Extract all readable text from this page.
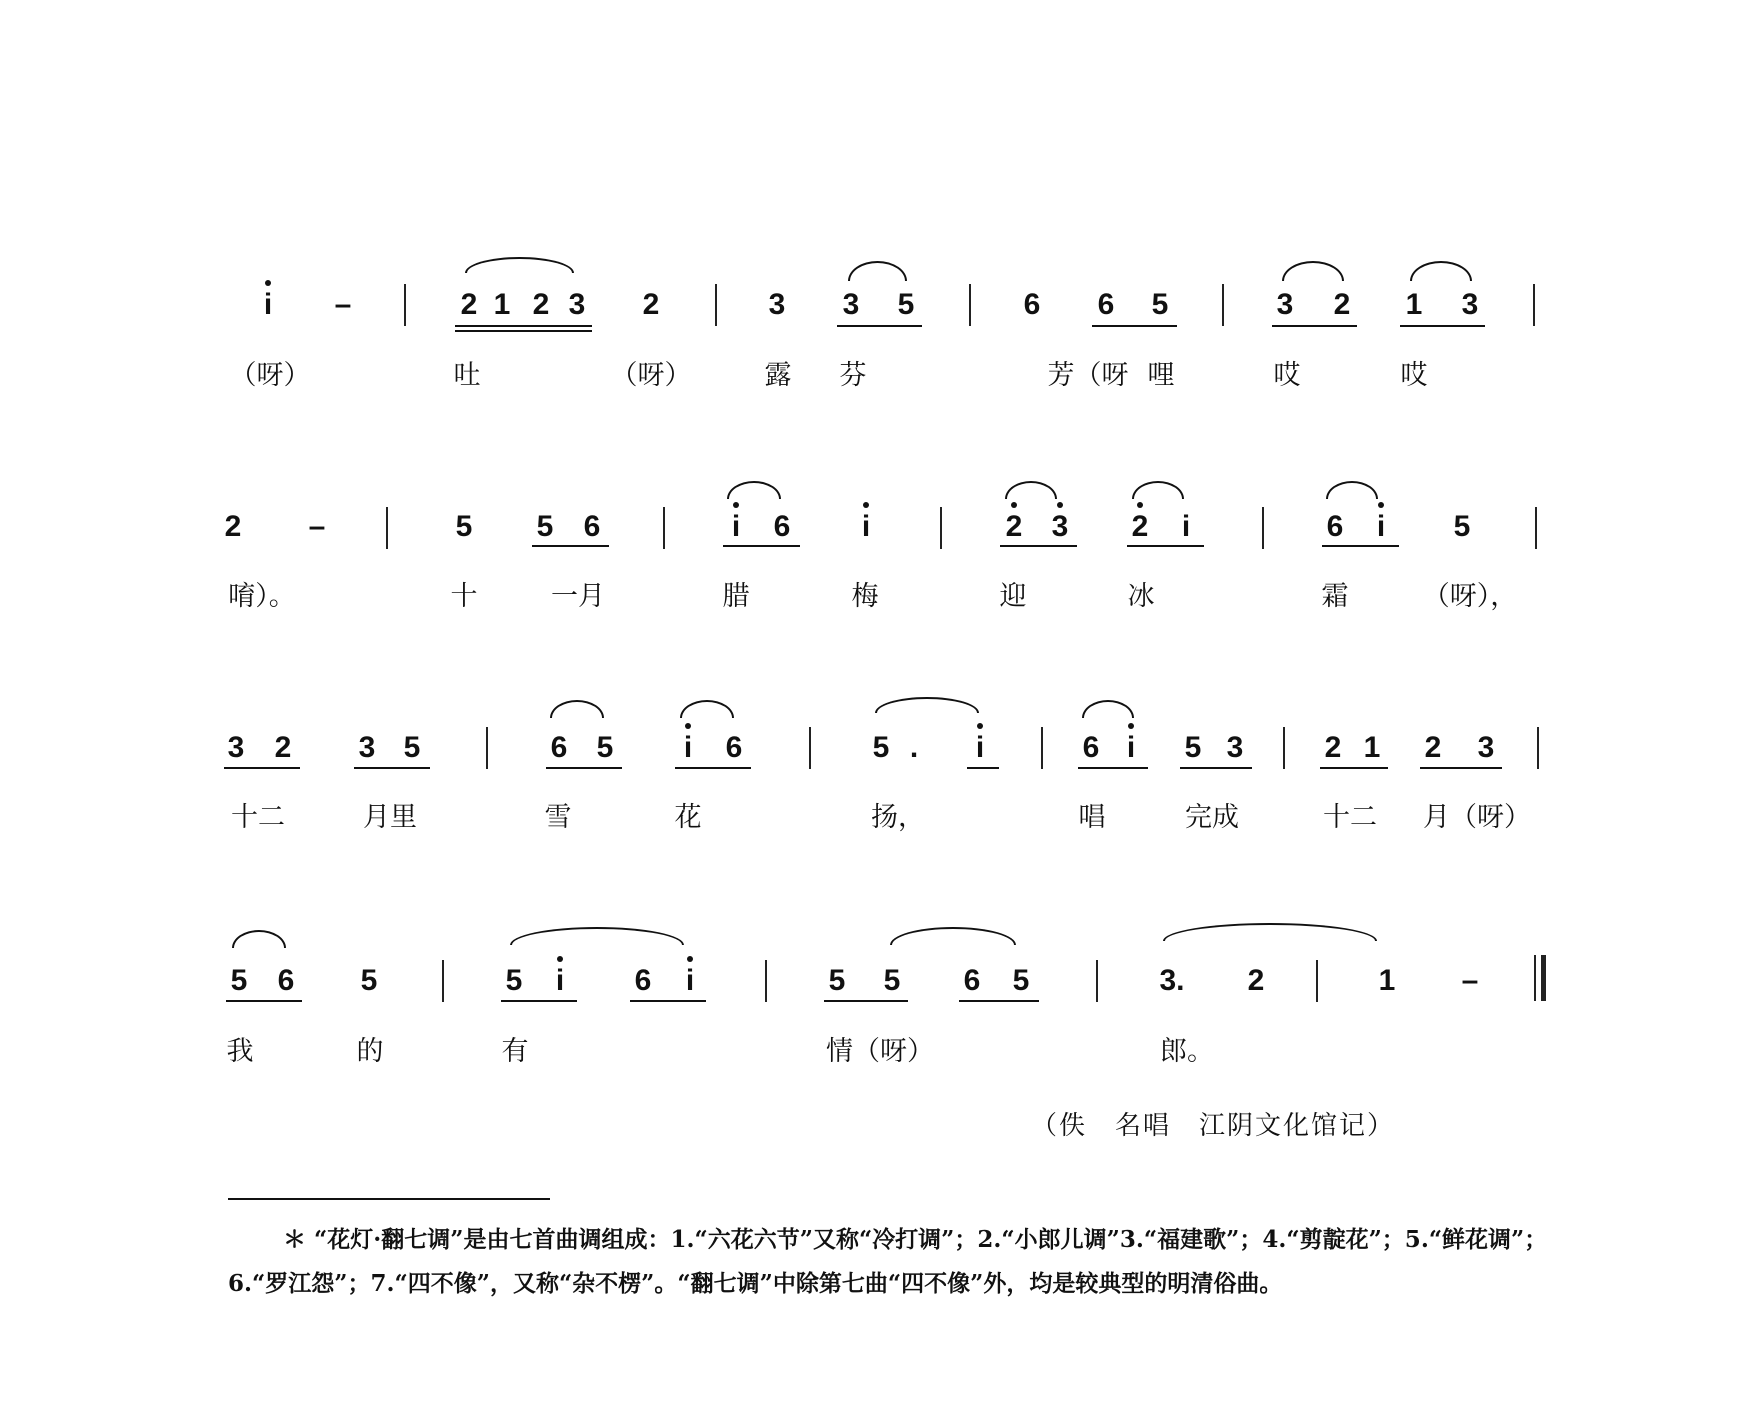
i –	2 1 2 3 2	3 3 5	6 6 5	3 2 1 3
（呀）	吐	（呀）	露 芬	芳（呀 哩	哎	哎
2 –	5 5 6	i 6 i	2 3 2 i	6 i 5
唷）。	十	一月	腊	梅	迎	冰	霜	（呀），
3 2 3 5	6 5 i 6	5 . i	6 i 5 3	2 1 2 3
十二	月里	雪	花	扬，	唱	完成	十二 月（呀）
5 6 5	5 i 6 i	5 5 6 5	3. 2	1 –
我	的	有	情（呀）	郎。
（佚　名唱　江阴文化馆记）

＊ “花灯·翻七调”是由七首曲调组成：1.“六花六节”又称“冷打调”；2.“小郎儿调”3.“福建歌”；4.“剪靛花”；5.“鲜花调”；6.“罗江怨”；7.“四不像”，又称“杂不楞”。“翻七调”中除第七曲“四不像”外，均是较典型的明清俗曲。
